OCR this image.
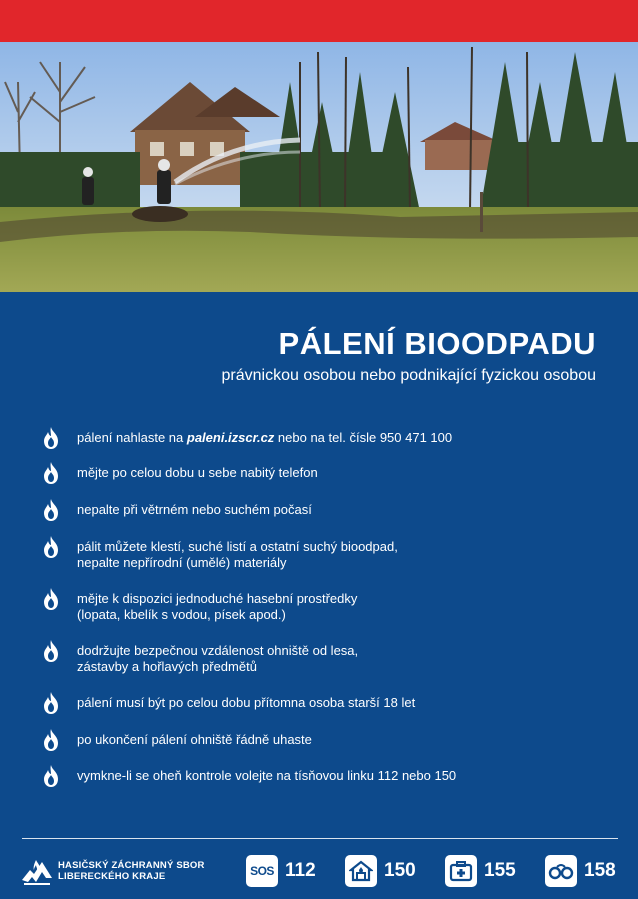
PÁLENÍ BIOODPADU
právnickou osobou nebo podnikající fyzickou osobou
pálení nahlaste na paleni.izscr.cz nebo na tel. čísle 950 471 100
mějte po celou dobu u sebe nabitý telefon
nepalte při větrném nebo suchém počasí
pálit můžete klestí, suché listí a ostatní suchý bioodpad,
nepalte nepřírodní (umělé) materiály
mějte k dispozici jednoduché hasební prostředky
(lopata, kbelík s vodou, písek apod.)
dodržujte bezpečnou vzdálenost ohniště od lesa,
zástavby a hořlavých předmětů
pálení musí být po celou dobu přítomna osoba starší 18 let
po ukončení pálení ohniště řádně uhaste
vymkne-li se oheň kontrole volejte na tísňovou linku 112 nebo 150
HASIČSKÝ ZÁCHRANNÝ SBOR
LIBERECKÉHO KRAJE	SOS 112	150	155	158
